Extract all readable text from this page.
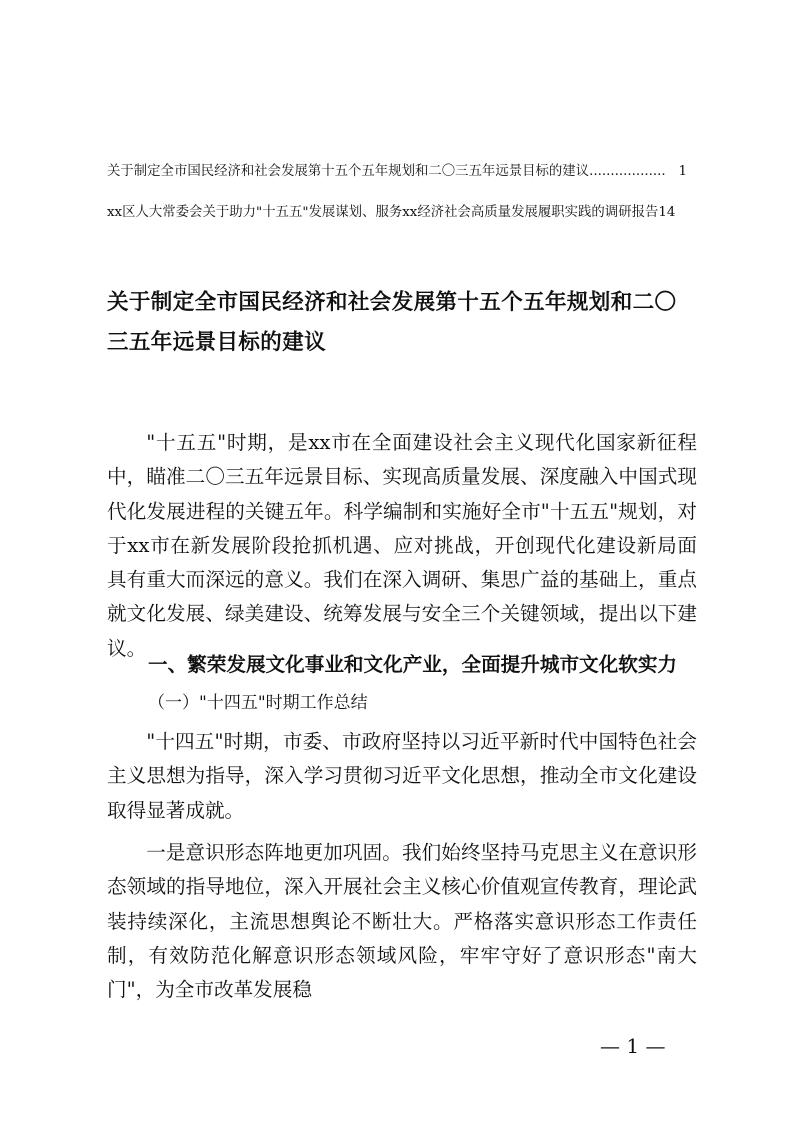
关于制定全市国民经济和社会发展第十五个五年规划和二〇三五年远景目标的建议 .................. 1
xx区人大常委会关于助力"十五五"发展谋划、服务xx经济社会高质量发展履职实践的调研报告14
关于制定全市国民经济和社会发展第十五个五年规划和二〇三五年远景目标的建议

"十五五"时期，是xx市在全面建设社会主义现代化国家新征程中，瞄准二〇三五年远景目标、实现高质量发展、深度融入中国式现代化发展进程的关键五年。科学编制和实施好全市"十五五"规划，对于xx市在新发展阶段抢抓机遇、应对挑战，开创现代化建设新局面具有重大而深远的意义。我们在深入调研、集思广益的基础上，重点就文化发展、绿美建设、统筹发展与安全三个关键领域，提出以下建议。

一、繁荣发展文化事业和文化产业，全面提升城市文化软实力
（一）"十四五"时期工作总结

"十四五"时期，市委、市政府坚持以习近平新时代中国特色社会主义思想为指导，深入学习贯彻习近平文化思想，推动全市文化建设取得显著成就。

一是意识形态阵地更加巩固。我们始终坚持马克思主义在意识形态领域的指导地位，深入开展社会主义核心价值观宣传教育，理论武装持续深化，主流思想舆论不断壮大。严格落实意识形态工作责任制，有效防范化解意识形态领域风险，牢牢守好了意识形态"南大门"，为全市改革发展稳

— 1 —
